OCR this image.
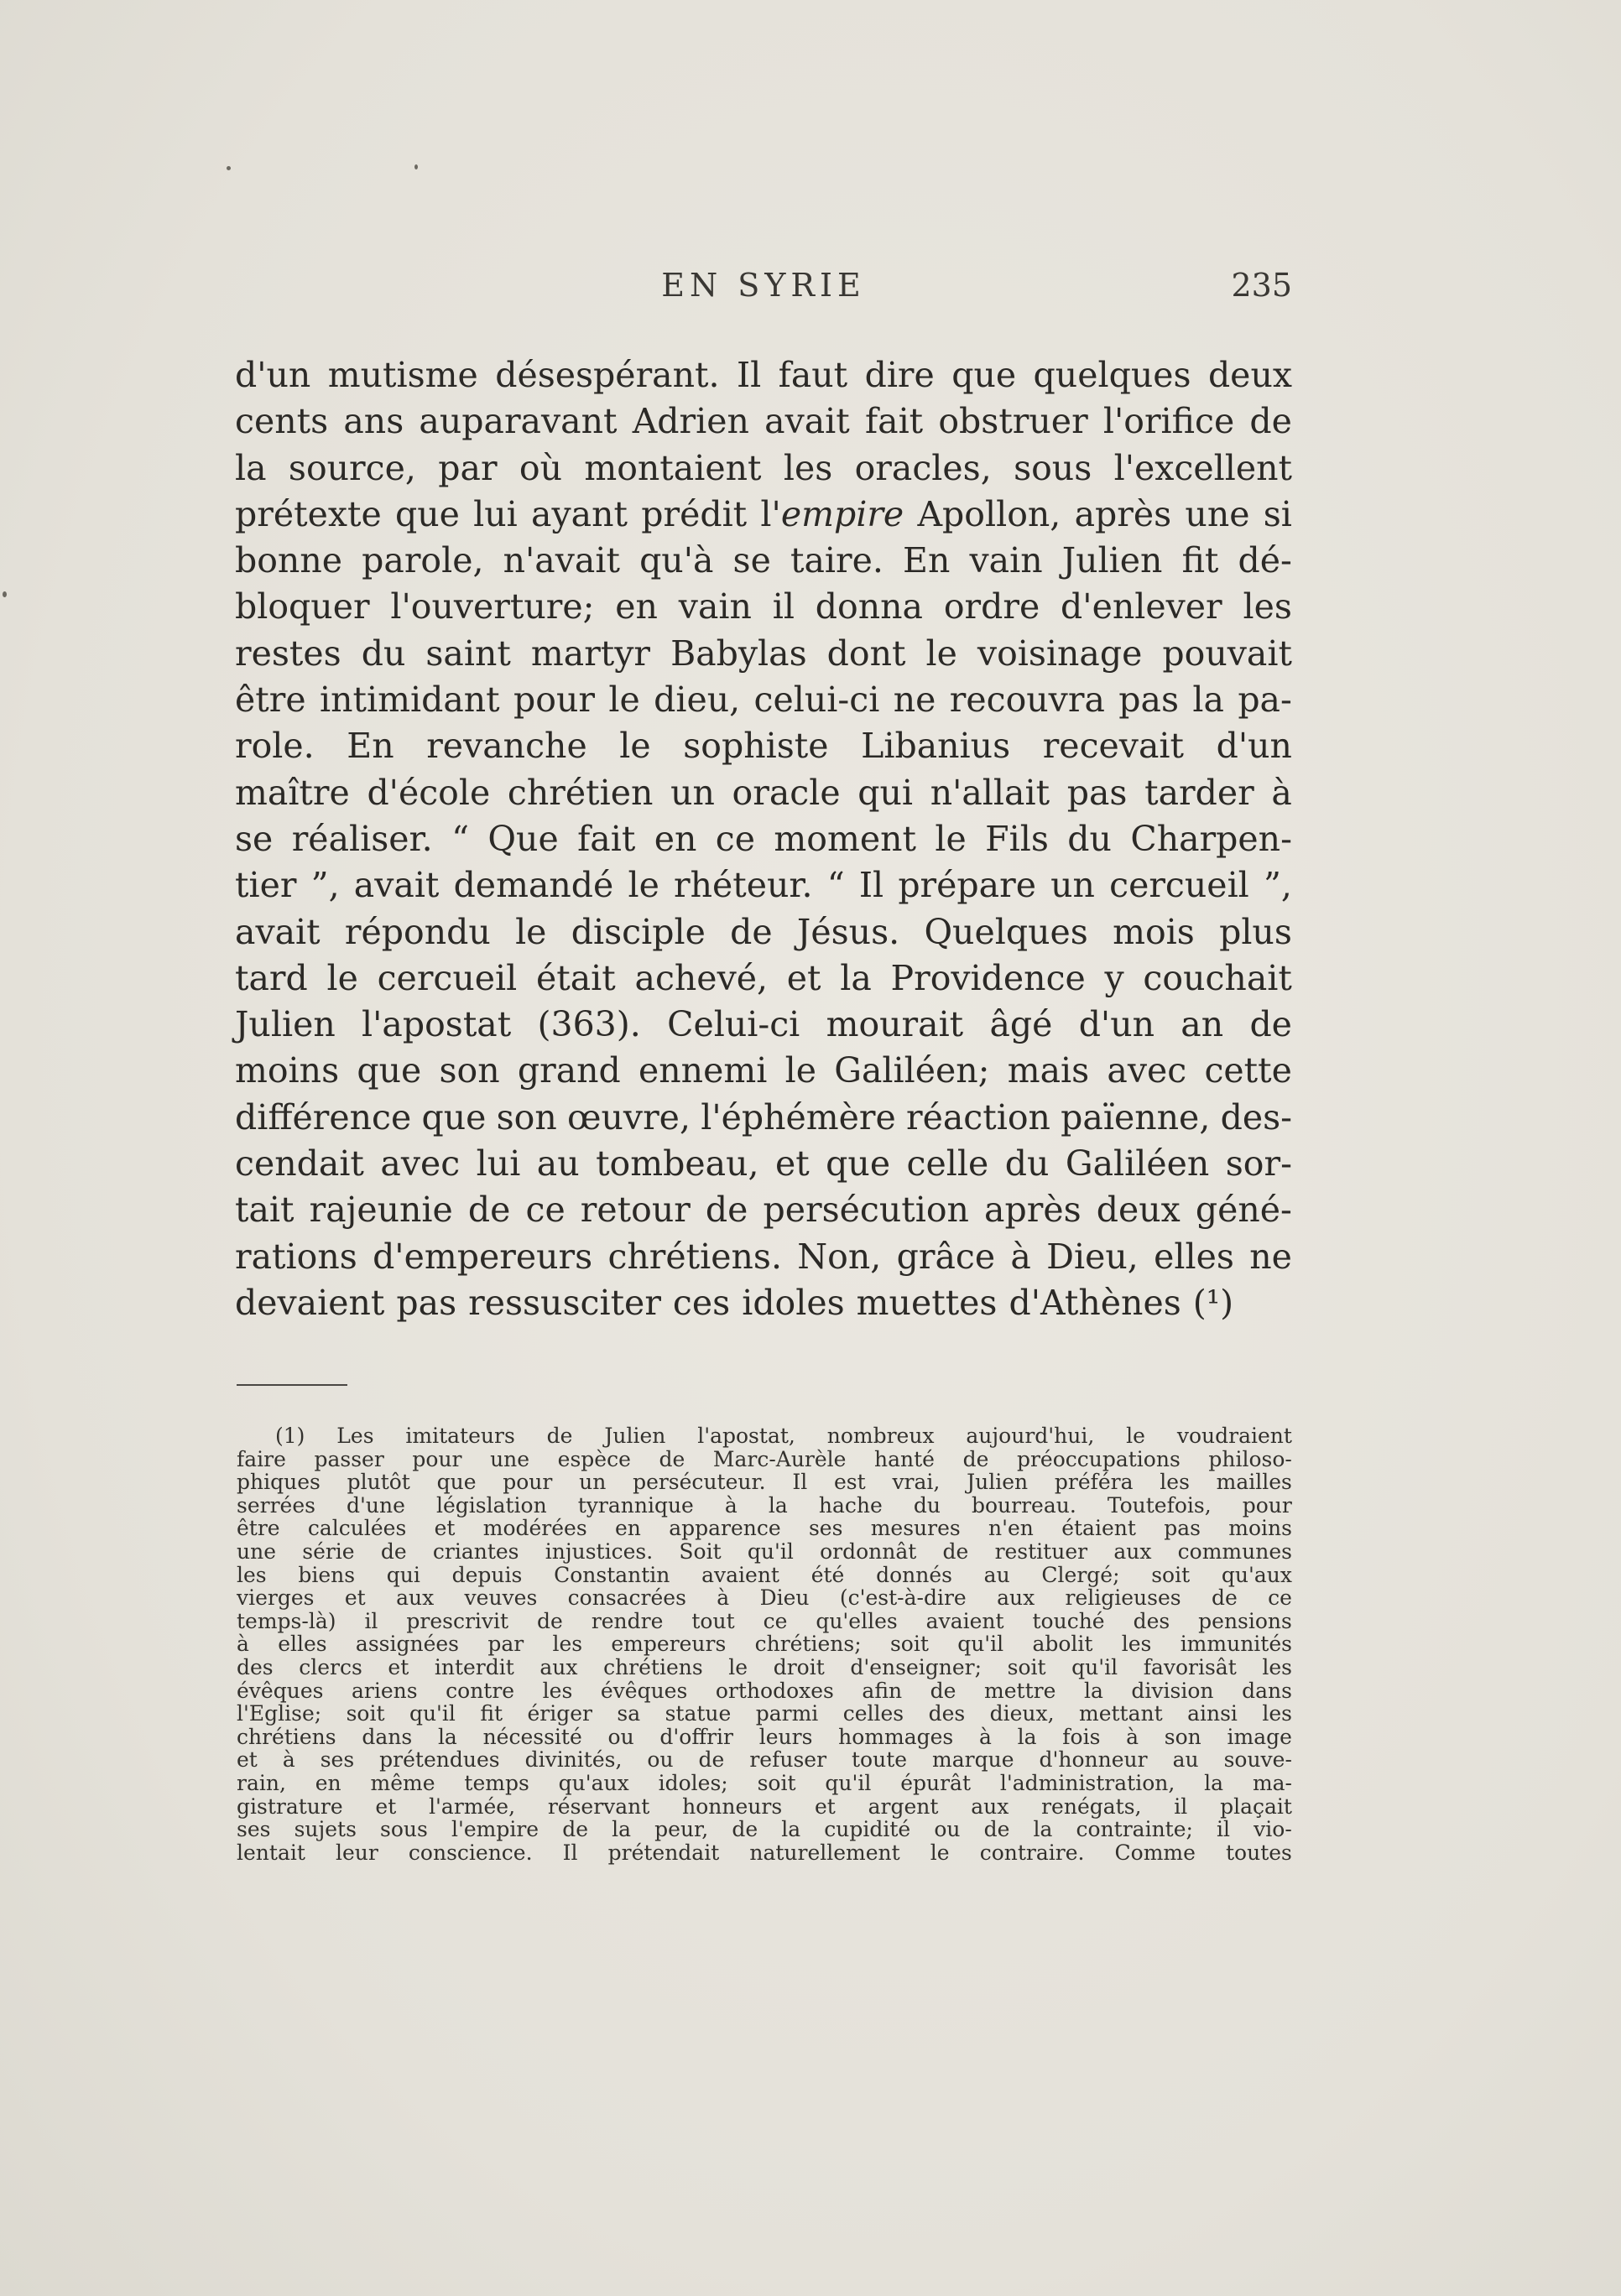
EN SYRIE	235
d'un mutisme désespérant. Il faut dire que quelques deux
cents ans auparavant Adrien avait fait obstruer l'orifice de
la source, par où montaient les oracles, sous l'excellent
prétexte que lui ayant prédit l'empire Apollon, après une si
bonne parole, n'avait qu'à se taire. En vain Julien fit dé-
bloquer l'ouverture; en vain il donna ordre d'enlever les
restes du saint martyr Babylas dont le voisinage pouvait
être intimidant pour le dieu, celui-ci ne recouvra pas la pa-
role. En revanche le sophiste Libanius recevait d'un
maître d'école chrétien un oracle qui n'allait pas tarder à
se réaliser. “ Que fait en ce moment le Fils du Charpen-
tier ”, avait demandé le rhéteur. “ Il prépare un cercueil ”,
avait répondu le disciple de Jésus. Quelques mois plus
tard le cercueil était achevé, et la Providence y couchait
Julien l'apostat (363). Celui-ci mourait âgé d'un an de
moins que son grand ennemi le Galiléen; mais avec cette
différence que son œuvre, l'éphémère réaction païenne, des-
cendait avec lui au tombeau, et que celle du Galiléen sor-
tait rajeunie de ce retour de persécution après deux géné-
rations d'empereurs chrétiens. Non, grâce à Dieu, elles ne
devaient pas ressusciter ces idoles muettes d'Athènes (¹)
(1) Les imitateurs de Julien l'apostat, nombreux aujourd'hui, le voudraient
faire passer pour une espèce de Marc-Aurèle hanté de préoccupations philoso-
phiques plutôt que pour un persécuteur. Il est vrai, Julien préféra les mailles
serrées d'une législation tyrannique à la hache du bourreau. Toutefois, pour
être calculées et modérées en apparence ses mesures n'en étaient pas moins
une série de criantes injustices. Soit qu'il ordonnât de restituer aux communes
les biens qui depuis Constantin avaient été donnés au Clergé; soit qu'aux
vierges et aux veuves consacrées à Dieu (c'est-à-dire aux religieuses de ce
temps-là) il prescrivit de rendre tout ce qu'elles avaient touché des pensions
à elles assignées par les empereurs chrétiens; soit qu'il abolit les immunités
des clercs et interdit aux chrétiens le droit d'enseigner; soit qu'il favorisât les
évêques ariens contre les évêques orthodoxes afin de mettre la division dans
l'Eglise; soit qu'il fit ériger sa statue parmi celles des dieux, mettant ainsi les
chrétiens dans la nécessité ou d'offrir leurs hommages à la fois à son image
et à ses prétendues divinités, ou de refuser toute marque d'honneur au souve-
rain, en même temps qu'aux idoles; soit qu'il épurât l'administration, la ma-
gistrature et l'armée, réservant honneurs et argent aux renégats, il plaçait
ses sujets sous l'empire de la peur, de la cupidité ou de la contrainte; il vio-
lentait leur conscience. Il prétendait naturellement le contraire. Comme toutes
